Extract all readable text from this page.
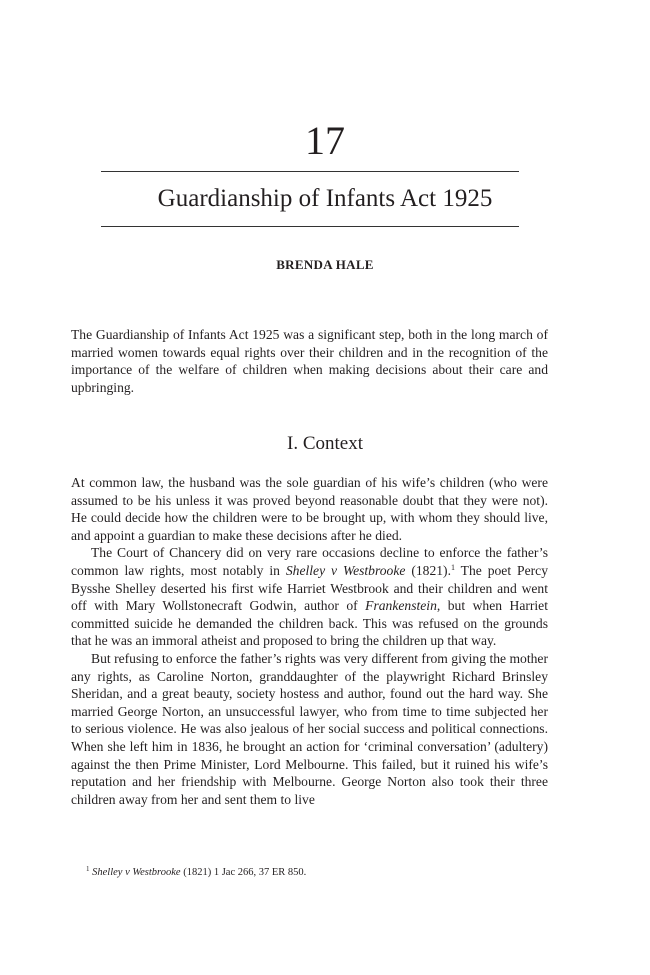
17
Guardianship of Infants Act 1925
BRENDA HALE
The Guardianship of Infants Act 1925 was a significant step, both in the long march of married women towards equal rights over their children and in the recognition of the importance of the welfare of children when making decisions about their care and upbringing.
I. Context

At common law, the husband was the sole guardian of his wife’s children (who were assumed to be his unless it was proved beyond reasonable doubt that they were not). He could decide how the children were to be brought up, with whom they should live, and appoint a guardian to make these decisions after he died.

The Court of Chancery did on very rare occasions decline to enforce the father’s common law rights, most notably in Shelley v Westbrooke (1821).$^1$ The poet Percy Bysshe Shelley deserted his first wife Harriet Westbrook and their children and went off with Mary Wollstonecraft Godwin, author of Frankenstein, but when Harriet committed suicide he demanded the children back. This was refused on the grounds that he was an immoral atheist and proposed to bring the children up that way.

But refusing to enforce the father’s rights was very different from giving the mother any rights, as Caroline Norton, granddaughter of the playwright Richard Brinsley Sheridan, and a great beauty, society hostess and author, found out the hard way. She married George Norton, an unsuccessful lawyer, who from time to time subjected her to serious violence. He was also jealous of her social success and political connections. When she left him in 1836, he brought an action for ‘criminal conversation’ (adultery) against the then Prime Minister, Lord Melbourne. This failed, but it ruined his wife’s reputation and her friendship with Melbourne. George Norton also took their three children away from her and sent them to live

$^1$ Shelley v Westbrooke (1821) 1 Jac 266, 37 ER 850.
